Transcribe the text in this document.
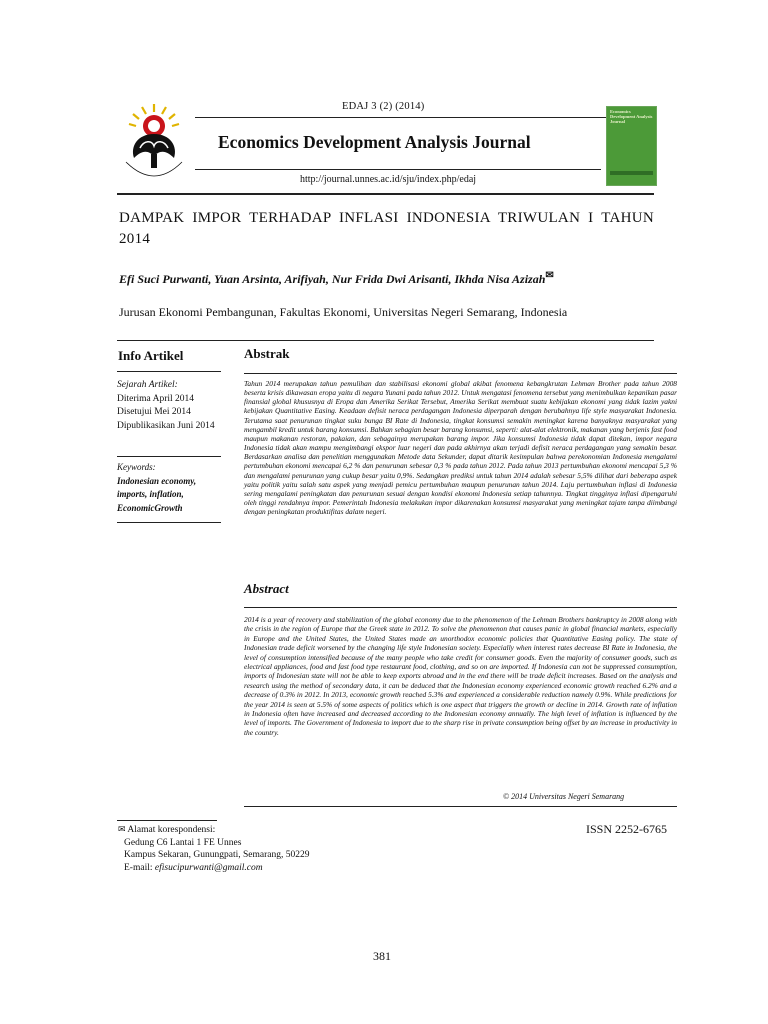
EDAJ 3 (2) (2014)
Economics Development Analysis Journal
http://journal.unnes.ac.id/sju/index.php/edaj
Economics Development Analysis Journal
DAMPAK IMPOR TERHADAP INFLASI INDONESIA TRIWULAN I TAHUN 2014
Efi Suci Purwanti, Yuan Arsinta, Arifiyah, Nur Frida Dwi Arisanti, Ikhda Nisa Azizah✉
Jurusan Ekonomi Pembangunan, Fakultas Ekonomi, Universitas Negeri Semarang, Indonesia
Info Artikel
Sejarah Artikel:
Diterima April 2014
Disetujui Mei 2014
Dipublikasikan Juni 2014
Keywords:
Indonesian economy, imports, inflation, EconomicGrowth
Abstrak
Tahun 2014 merupakan tahun pemulihan dan stabilisasi ekonomi global akibat fenomena kebangkrutan Lehman Brother pada tahun 2008 beserta krisis dikawasan eropa yaitu di negara Yunani pada tahun 2012. Untuk mengatasi fenomena tersebut yang menimbulkan kepanikan pasar finansial global khususnya di Eropa dan Amerika Serikat Tersebut, Amerika Serikat membuat suatu kebijakan ekonomi yang tidak lazim yakni kebijakan Quantitative Easing. Keadaan defisit neraca perdagangan Indonesia diperparah dengan berubahnya life style masyarakat Indonesia. Terutama saat penurunan tingkat suku bunga BI Rate di Indonesia, tingkat konsumsi semakin meningkat karena banyaknya masyarakat yang mengambil kredit untuk barang konsumsi. Bahkan sebagian besar barang konsumsi, seperti: alat-alat elektronik, makanan yang berjenis fast food maupun makanan restoran, pakaian, dan sebagainya merupakan barang impor. Jika konsumsi Indonesia tidak dapat ditekan, impor negara Indonesia tidak akan mampu mengimbangi ekspor luar negeri dan pada akhirnya akan terjadi defisit neraca perdagangan yang semakin besar. Berdasarkan analisa dan penelitian menggunakan Metode data Sekunder, dapat ditarik kesimpulan bahwa perekonomian Indonesia mengalami pertumbuhan ekonomi mencapai 6,2 % dan penurunan sebesar 0,3 % pada tahun 2012. Pada tahun 2013 pertumbuhan ekonomi mencapai 5,3 % dan mengalami penurunan yang cukup besar yaitu 0,9%. Sedangkan prediksi untuk tahun 2014 adalah sebesar 5,5% dilihat dari beberapa aspek yaitu politik yaitu salah satu aspek yang menjadi pemicu pertumbuhan maupun penurunan tahun 2014. Laju pertumbuhan inflasi di Indonesia sering mengalami peningkatan dan penurunan sesuai dengan kondisi ekonomi Indonesia setiap tahunnya. Tingkat tingginya inflasi dipengaruhi oleh tinggi rendahnya impor. Pemerintah Indonesia melakukan impor dikarenakan konsumsi masyarakat yang meningkat tajam tanpa diimbangi dengan peningkatan produktifitas dalam negeri.
Abstract
2014 is a year of recovery and stabilization of the global economy due to the phenomenon of the Lehman Brothers bankruptcy in 2008 along with the crisis in the region of Europe that the Greek state in 2012. To solve the phenomenon that causes panic in global financial markets, especially in Europe and the United States, the United States made an unorthodox economic policies that Quantitative Easing policy. The state of Indonesian trade deficit worsened by the changing life style Indonesian society. Especially when interest rates decrease BI Rate in Indonesia, the level of consumption intensified because of the many people who take credit for consumer goods. Even the majority of consumer goods, such as electrical appliances, food and fast food type restaurant food, clothing, and so on are imported. If Indonesia can not be suppressed consumption, imports of Indonesian state will not be able to keep exports abroad and in the end there will be trade deficit increases. Based on the analysis and research using the method of secondary data, it can be deduced that the Indonesian economy experienced economic growth reached 6.2% and a decrease of 0.3% in 2012. In 2013, economic growth reached 5.3% and experienced a considerable reduction namely 0.9%. While predictions for the year 2014 is seen at 5.5% of some aspects of politics which is one aspect that triggers the growth or decline in 2014. Growth rate of inflation in Indonesia often have increased and decreased according to the Indonesian economy annually. The high level of inflation is influenced by the level of imports. The Government of Indonesia to import due to the sharp rise in private consumption being offset by an increase in productivity in the country.
© 2014 Universitas Negeri Semarang
✉ Alamat korespondensi:
Gedung C6 Lantai 1 FE Unnes
Kampus Sekaran, Gunungpati, Semarang, 50229
E-mail: efisucipurwanti@gmail.com
ISSN 2252-6765
381
